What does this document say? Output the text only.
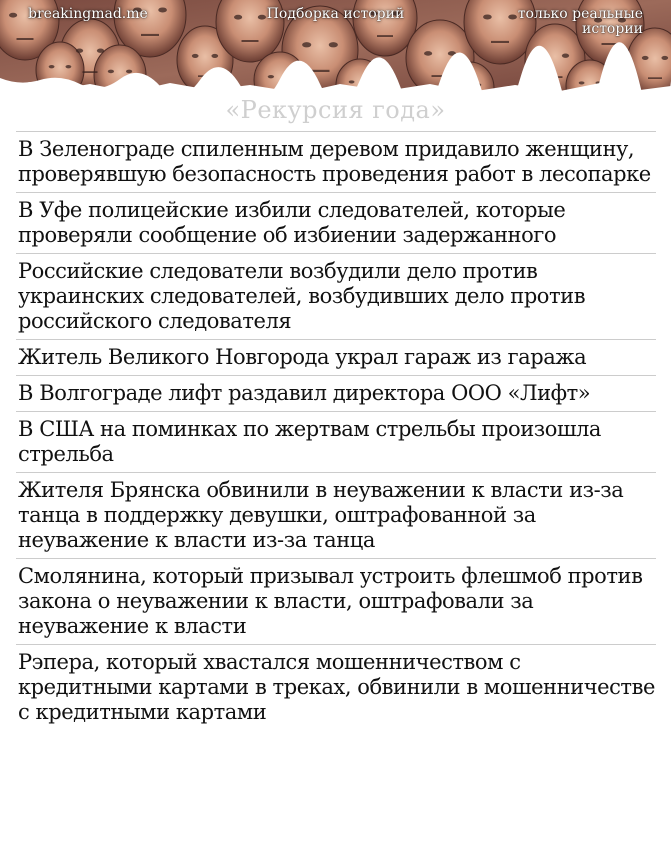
breakingmad.me	Подборка историй	только реальные истории
«Рекурсия года»
В Зеленограде спиленным деревом придавило женщину, проверявшую безопасность проведения работ в лесопарке
В Уфе полицейские избили следователей, которые проверяли сообщение об избиении задержанного
Российские следователи возбудили дело против украинских следователей, возбудивших дело против российского следователя
Житель Великого Новгорода украл гараж из гаража
В Волгограде лифт раздавил директора ООО «Лифт»
В США на поминках по жертвам стрельбы произошла стрельба
Жителя Брянска обвинили в неуважении к власти из-за танца в поддержку девушки, оштрафованной за неуважение к власти из-за танца
Смолянина, который призывал устроить флешмоб против закона о неуважении к власти, оштрафовали за неуважение к власти
Рэпера, который хвастался мошенничеством с кредитными картами в треках, обвинили в мошенничестве с кредитными картами
